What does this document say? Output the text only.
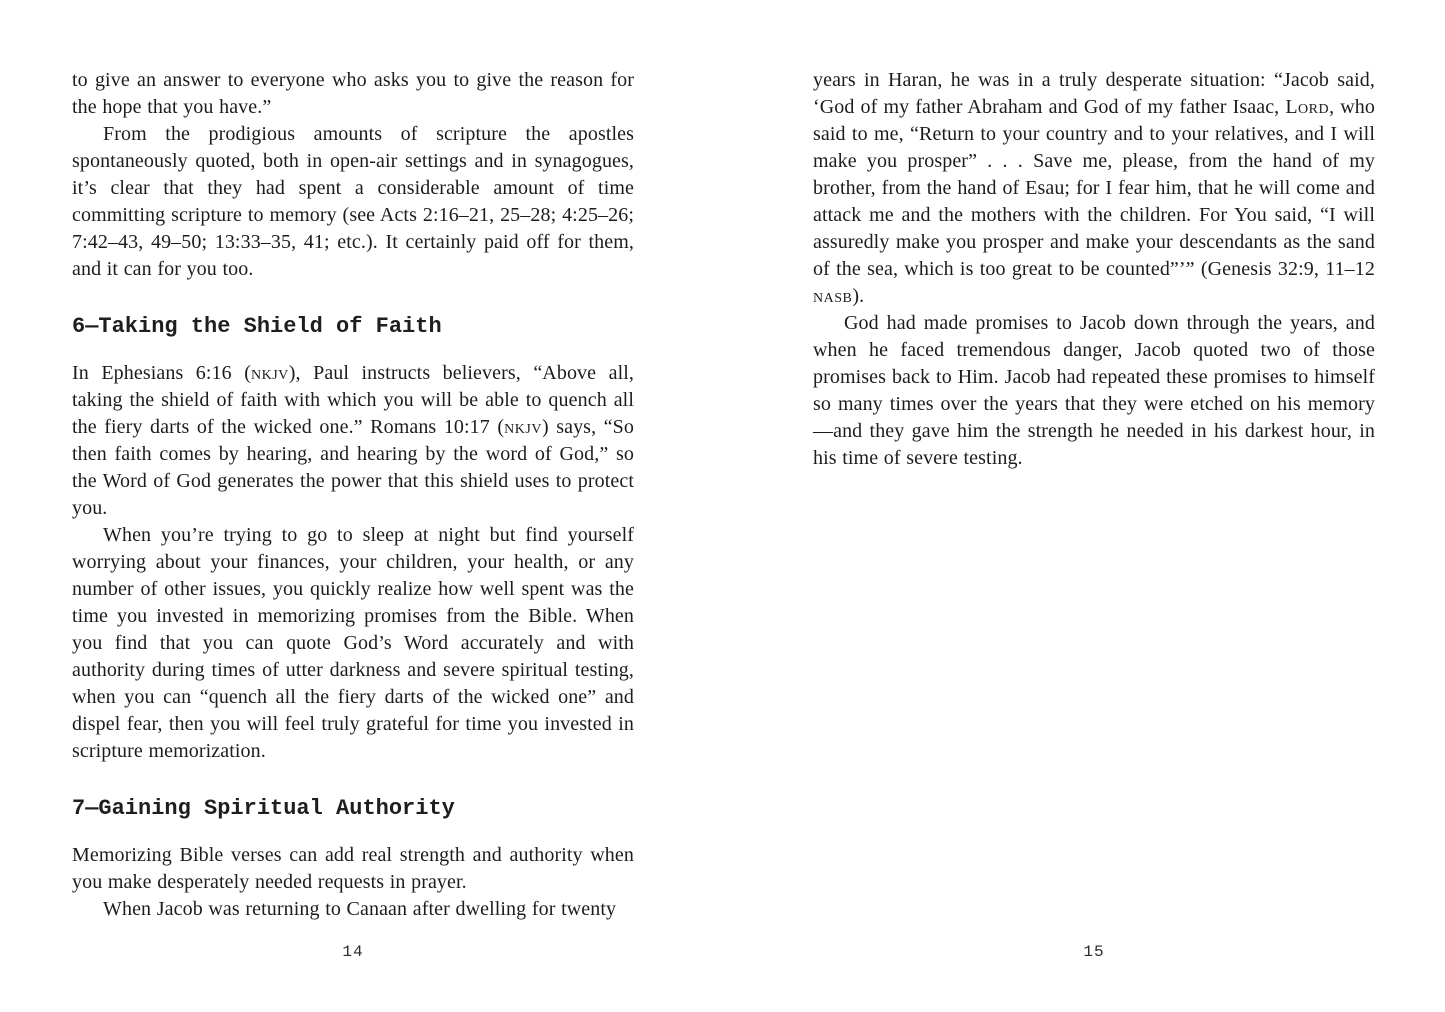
to give an answer to everyone who asks you to give the reason for the hope that you have.”

From the prodigious amounts of scripture the apostles spontaneously quoted, both in open-air settings and in synagogues, it’s clear that they had spent a considerable amount of time committing scripture to memory (see Acts 2:16–21, 25–28; 4:25–26; 7:42–43, 49–50; 13:33–35, 41; etc.). It certainly paid off for them, and it can for you too.

6—Taking the Shield of Faith

In Ephesians 6:16 (nkjv), Paul instructs believers, “Above all, taking the shield of faith with which you will be able to quench all the fiery darts of the wicked one.” Romans 10:17 (nkjv) says, “So then faith comes by hearing, and hearing by the word of God,” so the Word of God generates the power that this shield uses to protect you.

When you’re trying to go to sleep at night but find yourself worrying about your finances, your children, your health, or any number of other issues, you quickly realize how well spent was the time you invested in memorizing promises from the Bible. When you find that you can quote God’s Word accurately and with authority during times of utter darkness and severe spiritual testing, when you can “quench all the fiery darts of the wicked one” and dispel fear, then you will feel truly grateful for time you invested in scripture memorization.

7—Gaining Spiritual Authority

Memorizing Bible verses can add real strength and authority when you make desperately needed requests in prayer.

When Jacob was returning to Canaan after dwelling for twenty

14

years in Haran, he was in a truly desperate situation: “Jacob said, ‘God of my father Abraham and God of my father Isaac, Lord, who said to me, “Return to your country and to your relatives, and I will make you prosper” . . . Save me, please, from the hand of my brother, from the hand of Esau; for I fear him, that he will come and attack me and the mothers with the children. For You said, “I will assuredly make you prosper and make your descendants as the sand of the sea, which is too great to be counted”’” (Genesis 32:9, 11–12 nasb).

God had made promises to Jacob down through the years, and when he faced tremendous danger, Jacob quoted two of those promises back to Him. Jacob had repeated these promises to himself so many times over the years that they were etched on his memory—and they gave him the strength he needed in his darkest hour, in his time of severe testing.

15
